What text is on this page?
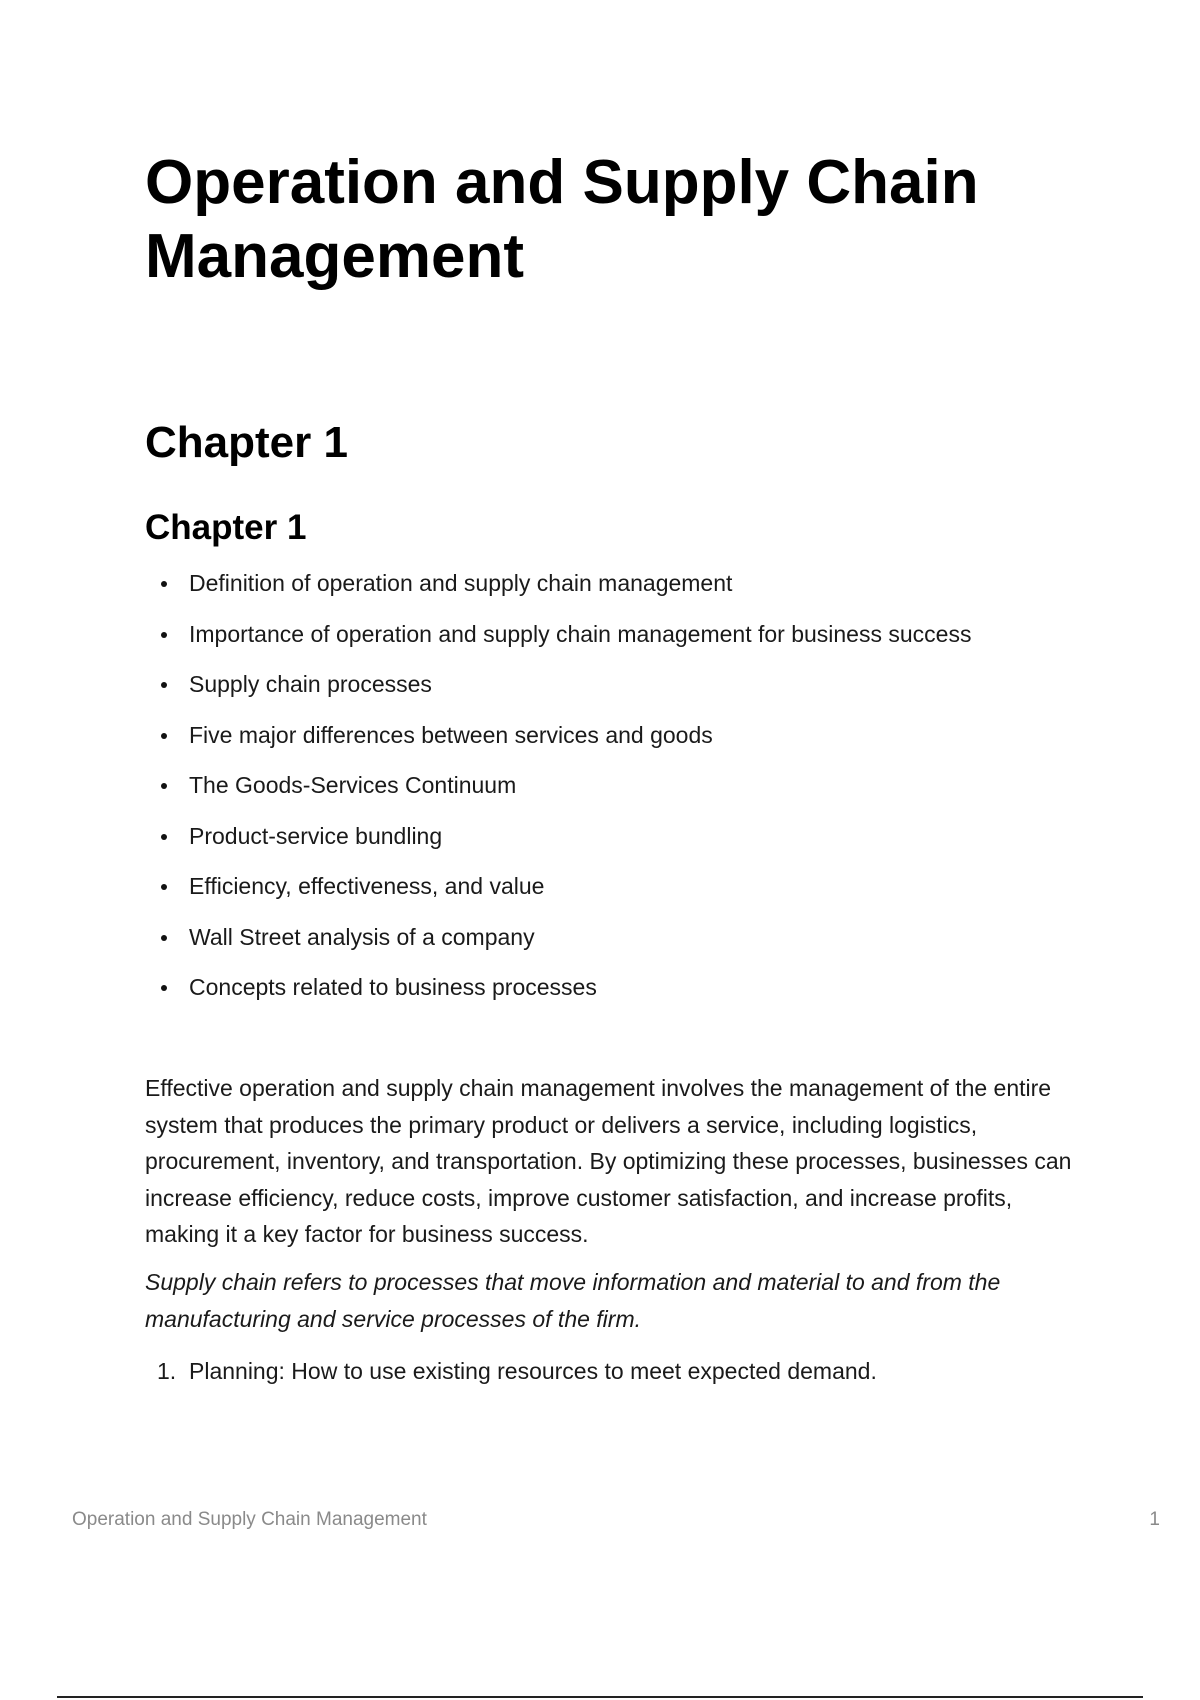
Operation and Supply Chain Management
Chapter 1
Chapter 1
Definition of operation and supply chain management
Importance of operation and supply chain management for business success
Supply chain processes
Five major differences between services and goods
The Goods-Services Continuum
Product-service bundling
Efficiency, effectiveness, and value
Wall Street analysis of a company
Concepts related to business processes

Effective operation and supply chain management involves the management of the entire system that produces the primary product or delivers a service, including logistics, procurement, inventory, and transportation. By optimizing these processes, businesses can increase efficiency, reduce costs, improve customer satisfaction, and increase profits, making it a key factor for business success.

Supply chain refers to processes that move information and material to and from the manufacturing and service processes of the firm.

1. Planning: How to use existing resources to meet expected demand.
Operation and Supply Chain Management	1
